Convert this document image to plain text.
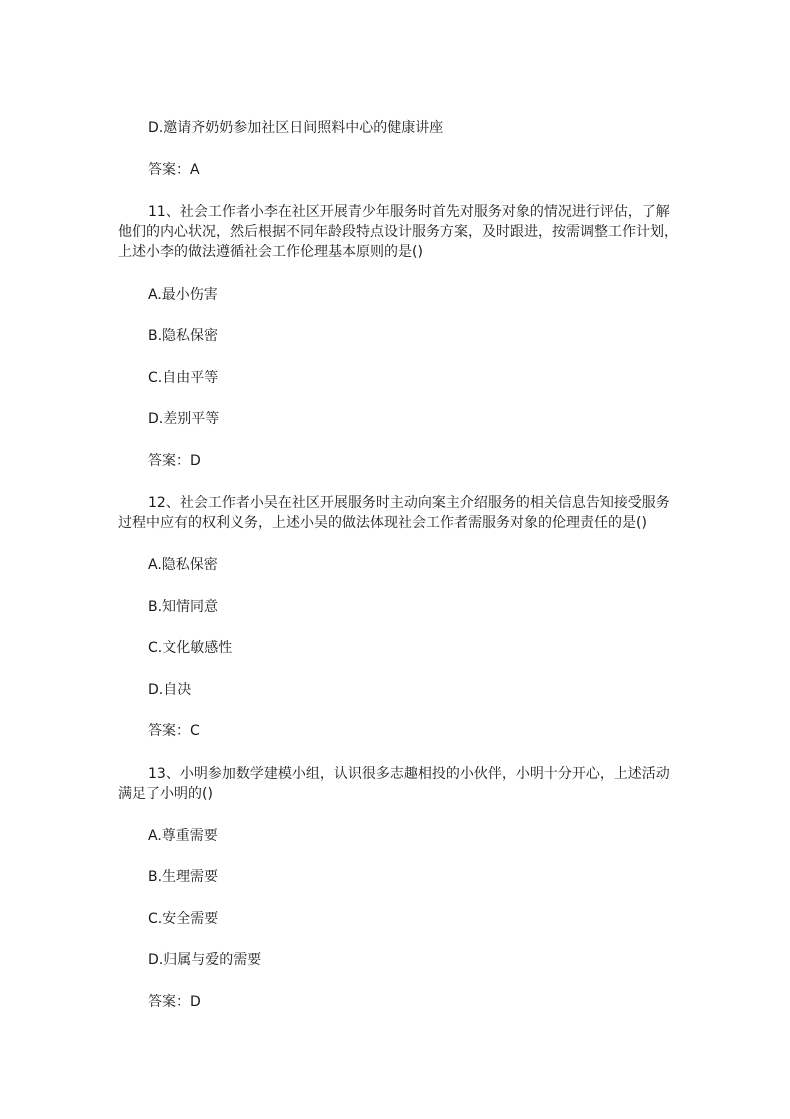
D.邀请齐奶奶参加社区日间照料中心的健康讲座
答案：A
11、社会工作者小李在社区开展青少年服务时首先对服务对象的情况进行评估，了解
他们的内心状况，然后根据不同年龄段特点设计服务方案，及时跟进，按需调整工作计划，
上述小李的做法遵循社会工作伦理基本原则的是()
A.最小伤害
B.隐私保密
C.自由平等
D.差别平等
答案：D
12、社会工作者小吴在社区开展服务时主动向案主介绍服务的相关信息告知接受服务
过程中应有的权利义务，上述小吴的做法体现社会工作者需服务对象的伦理责任的是()
A.隐私保密
B.知情同意
C.文化敏感性
D.自决
答案：C
13、小明参加数学建模小组，认识很多志趣相投的小伙伴，小明十分开心，上述活动
满足了小明的()
A.尊重需要
B.生理需要
C.安全需要
D.归属与爱的需要
答案：D
